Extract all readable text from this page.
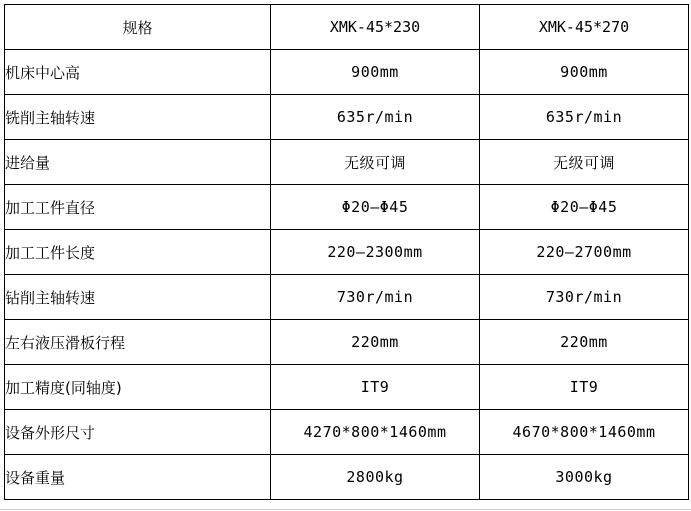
规格	XMK-45*230	XMK-45*270
机床中心高	900mm	900mm
铣削主轴转速	635r/min	635r/min
进给量	无级可调	无级可调
加工工件直径	Φ20—Φ45	Φ20—Φ45
加工工件长度	220—2300mm	220—2700mm
钻削主轴转速	730r/min	730r/min
左右液压滑板行程	220mm	220mm
加工精度(同轴度)	IT9	IT9
设备外形尺寸	4270*800*1460mm	4670*800*1460mm
设备重量	2800kg	3000kg
